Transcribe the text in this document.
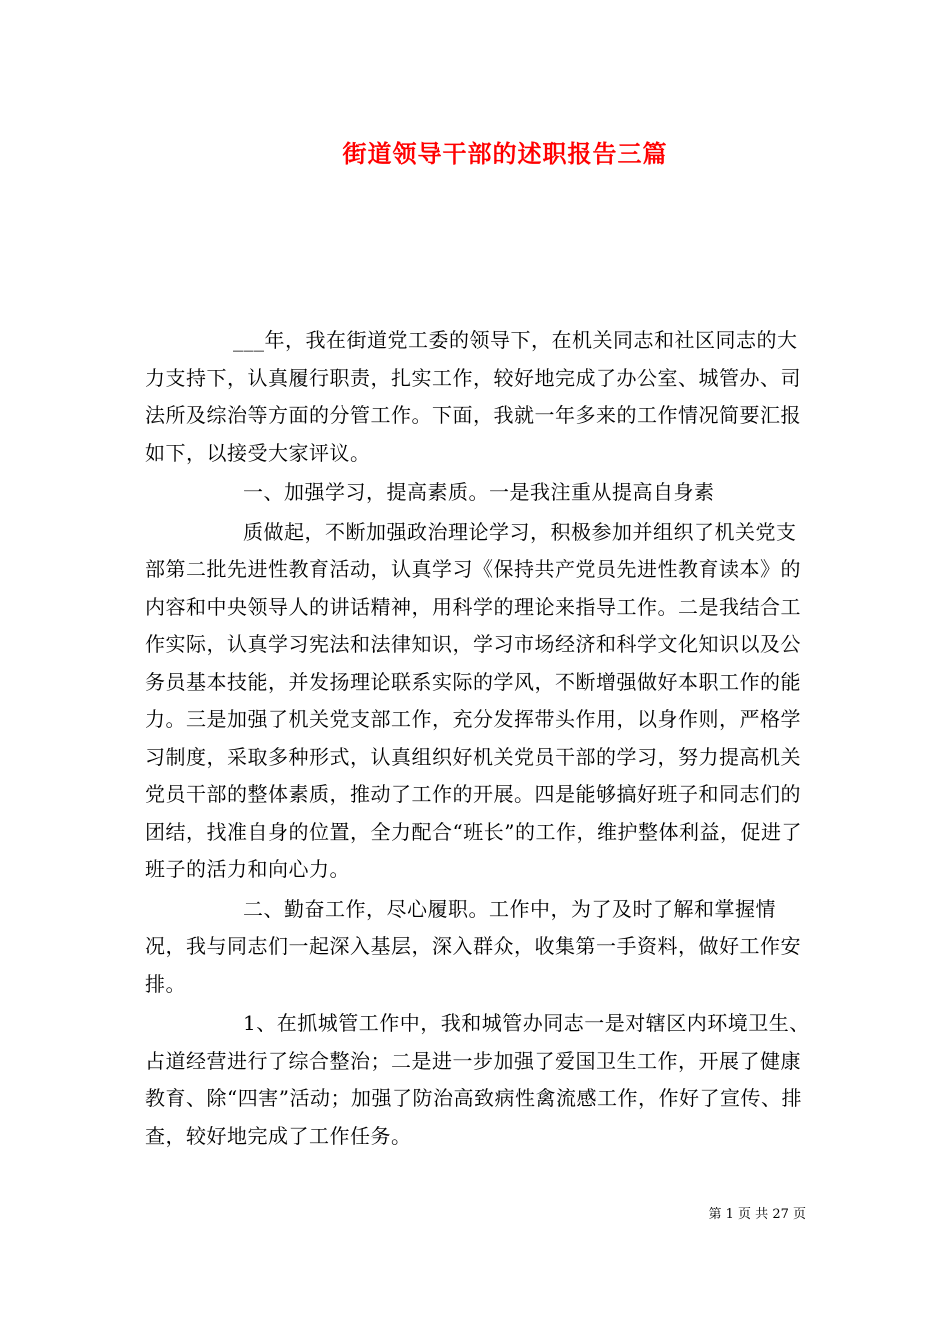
街道领导干部的述职报告三篇

___年，我在街道党工委的领导下，在机关同志和社区同志的大力支持下，认真履行职责，扎实工作，较好地完成了办公室、城管办、司法所及综治等方面的分管工作。下面，我就一年多来的工作情况简要汇报如下，以接受大家评议。

一、加强学习，提高素质。一是我注重从提高自身素

质做起，不断加强政治理论学习，积极参加并组织了机关党支部第二批先进性教育活动，认真学习《保持共产党员先进性教育读本》的内容和中央领导人的讲话精神，用科学的理论来指导工作。二是我结合工作实际，认真学习宪法和法律知识，学习市场经济和科学文化知识以及公务员基本技能，并发扬理论联系实际的学风，不断增强做好本职工作的能力。三是加强了机关党支部工作，充分发挥带头作用，以身作则，严格学习制度，采取多种形式，认真组织好机关党员干部的学习，努力提高机关党员干部的整体素质，推动了工作的开展。四是能够搞好班子和同志们的团结，找准自身的位置，全力配合“班长”的工作，维护整体利益，促进了班子的活力和向心力。

二、勤奋工作，尽心履职。工作中，为了及时了解和掌握情况，我与同志们一起深入基层，深入群众，收集第一手资料，做好工作安排。

1、在抓城管工作中，我和城管办同志一是对辖区内环境卫生、占道经营进行了综合整治；二是进一步加强了爱国卫生工作，开展了健康教育、除“四害”活动；加强了防治高致病性禽流感工作，作好了宣传、排查，较好地完成了工作任务。

第 1 页 共 27 页
